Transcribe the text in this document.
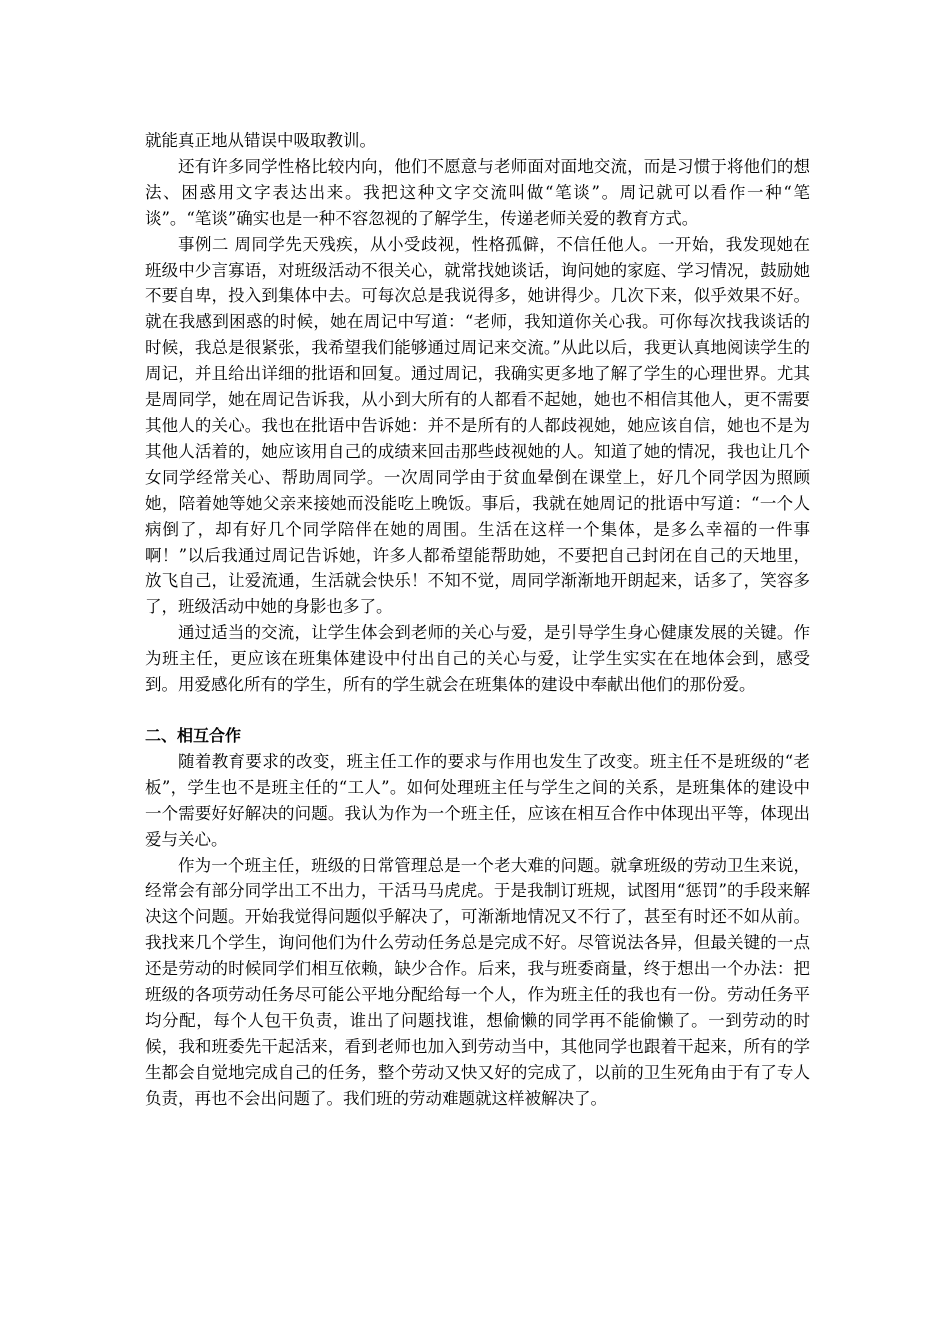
就能真正地从错误中吸取教训。

还有许多同学性格比较内向，他们不愿意与老师面对面地交流，而是习惯于将他们的想法、困惑用文字表达出来。我把这种文字交流叫做“笔谈”。周记就可以看作一种“笔谈”。“笔谈”确实也是一种不容忽视的了解学生，传递老师关爱的教育方式。

事例二 周同学先天残疾，从小受歧视，性格孤僻，不信任他人。一开始，我发现她在班级中少言寡语，对班级活动不很关心，就常找她谈话，询问她的家庭、学习情况，鼓励她不要自卑，投入到集体中去。可每次总是我说得多，她讲得少。几次下来，似乎效果不好。就在我感到困惑的时候，她在周记中写道：“老师，我知道你关心我。可你每次找我谈话的时候，我总是很紧张，我希望我们能够通过周记来交流。”从此以后，我更认真地阅读学生的周记，并且给出详细的批语和回复。通过周记，我确实更多地了解了学生的心理世界。尤其是周同学，她在周记告诉我，从小到大所有的人都看不起她，她也不相信其他人，更不需要其他人的关心。我也在批语中告诉她：并不是所有的人都歧视她，她应该自信，她也不是为其他人活着的，她应该用自己的成绩来回击那些歧视她的人。知道了她的情况，我也让几个女同学经常关心、帮助周同学。一次周同学由于贫血晕倒在课堂上，好几个同学因为照顾她，陪着她等她父亲来接她而没能吃上晚饭。事后，我就在她周记的批语中写道：“一个人病倒了，却有好几个同学陪伴在她的周围。生活在这样一个集体，是多么幸福的一件事啊！”以后我通过周记告诉她，许多人都希望能帮助她，不要把自己封闭在自己的天地里，放飞自己，让爱流通，生活就会快乐！不知不觉，周同学渐渐地开朗起来，话多了，笑容多了，班级活动中她的身影也多了。

通过适当的交流，让学生体会到老师的关心与爱，是引导学生身心健康发展的关键。作为班主任，更应该在班集体建设中付出自己的关心与爱，让学生实实在在地体会到，感受到。用爱感化所有的学生，所有的学生就会在班集体的建设中奉献出他们的那份爱。

二、相互合作

随着教育要求的改变，班主任工作的要求与作用也发生了改变。班主任不是班级的“老板”，学生也不是班主任的“工人”。如何处理班主任与学生之间的关系，是班集体的建设中一个需要好好解决的问题。我认为作为一个班主任，应该在相互合作中体现出平等，体现出爱与关心。

作为一个班主任，班级的日常管理总是一个老大难的问题。就拿班级的劳动卫生来说，经常会有部分同学出工不出力，干活马马虎虎。于是我制订班规，试图用“惩罚”的手段来解决这个问题。开始我觉得问题似乎解决了，可渐渐地情况又不行了，甚至有时还不如从前。我找来几个学生，询问他们为什么劳动任务总是完成不好。尽管说法各异，但最关键的一点还是劳动的时候同学们相互依赖，缺少合作。后来，我与班委商量，终于想出一个办法：把班级的各项劳动任务尽可能公平地分配给每一个人，作为班主任的我也有一份。劳动任务平均分配，每个人包干负责，谁出了问题找谁，想偷懒的同学再不能偷懒了。一到劳动的时候，我和班委先干起活来，看到老师也加入到劳动当中，其他同学也跟着干起来，所有的学生都会自觉地完成自己的任务，整个劳动又快又好的完成了，以前的卫生死角由于有了专人负责，再也不会出问题了。我们班的劳动难题就这样被解决了。
